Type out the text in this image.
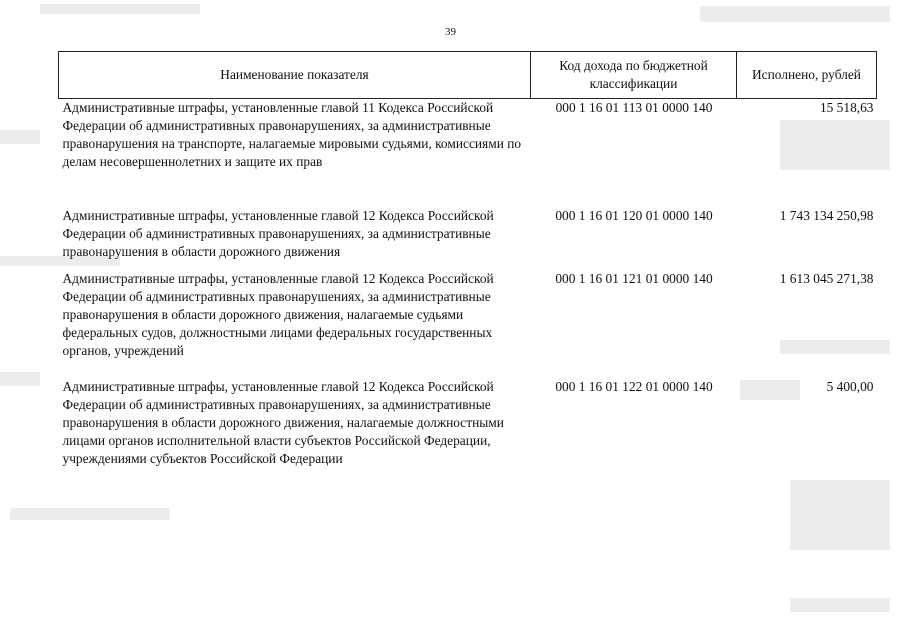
39
Наименование показателя	Код дохода по бюджетной классификации	Исполнено, рублей
Административные штрафы, установленные главой 11 Кодекса Российской Федерации об административных правонарушениях, за административные правонарушения на транспорте, налагаемые мировыми судьями, комиссиями по делам несовершеннолетних и защите их прав	000 1 16 01 113 01 0000 140	15 518,63
Административные штрафы, установленные главой 12 Кодекса Российской Федерации об административных правонарушениях, за административные правонарушения в области дорожного движения	000 1 16 01 120 01 0000 140	1 743 134 250,98
Административные штрафы, установленные главой 12 Кодекса Российской Федерации об административных правонарушениях, за административные правонарушения в области дорожного движения, налагаемые судьями федеральных судов, должностными лицами федеральных государственных органов, учреждений	000 1 16 01 121 01 0000 140	1 613 045 271,38
Административные штрафы, установленные главой 12 Кодекса Российской Федерации об административных правонарушениях, за административные правонарушения в области дорожного движения, налагаемые должностными лицами органов исполнительной власти субъектов Российской Федерации, учреждениями субъектов Российской Федерации	000 1 16 01 122 01 0000 140	5 400,00
